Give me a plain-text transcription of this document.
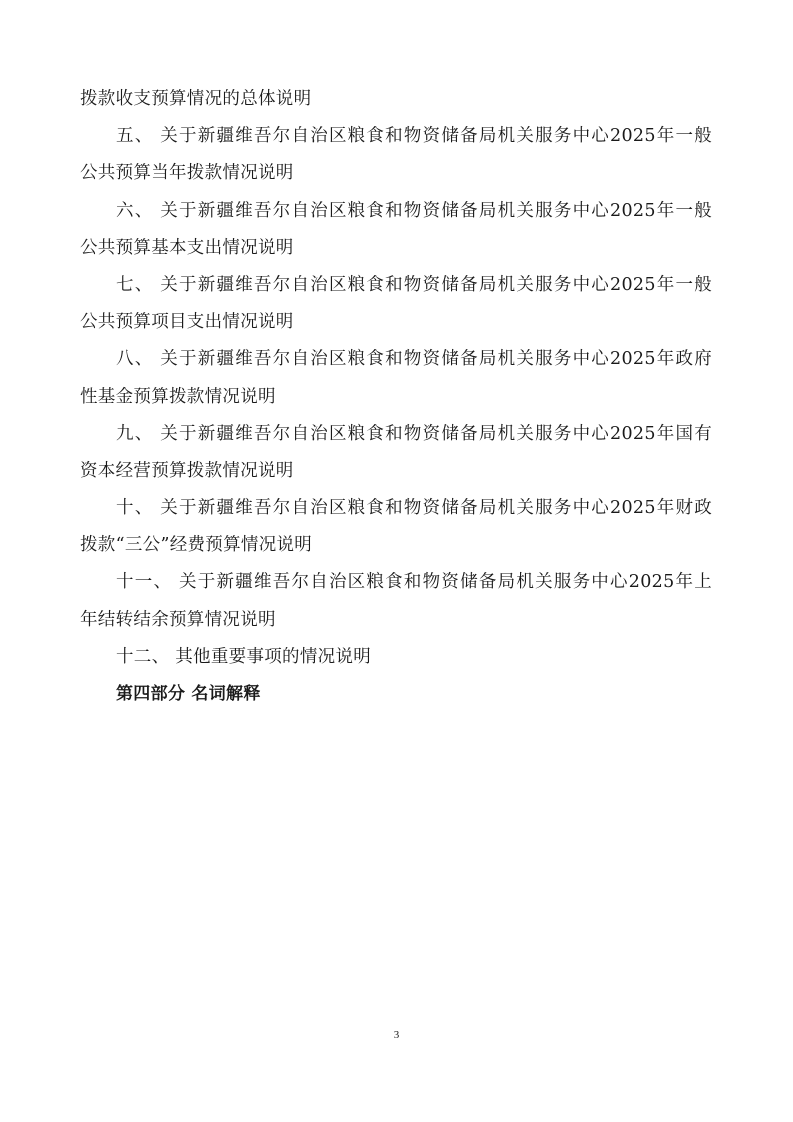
拨款收支预算情况的总体说明
五、 关于新疆维吾尔自治区粮食和物资储备局机关服务中心2025年一般
公共预算当年拨款情况说明
六、 关于新疆维吾尔自治区粮食和物资储备局机关服务中心2025年一般
公共预算基本支出情况说明
七、 关于新疆维吾尔自治区粮食和物资储备局机关服务中心2025年一般
公共预算项目支出情况说明
八、 关于新疆维吾尔自治区粮食和物资储备局机关服务中心2025年政府
性基金预算拨款情况说明
九、 关于新疆维吾尔自治区粮食和物资储备局机关服务中心2025年国有
资本经营预算拨款情况说明
十、 关于新疆维吾尔自治区粮食和物资储备局机关服务中心2025年财政
拨款“三公”经费预算情况说明
十一、 关于新疆维吾尔自治区粮食和物资储备局机关服务中心2025年上
年结转结余预算情况说明
十二、 其他重要事项的情况说明
第四部分 名词解释
3
